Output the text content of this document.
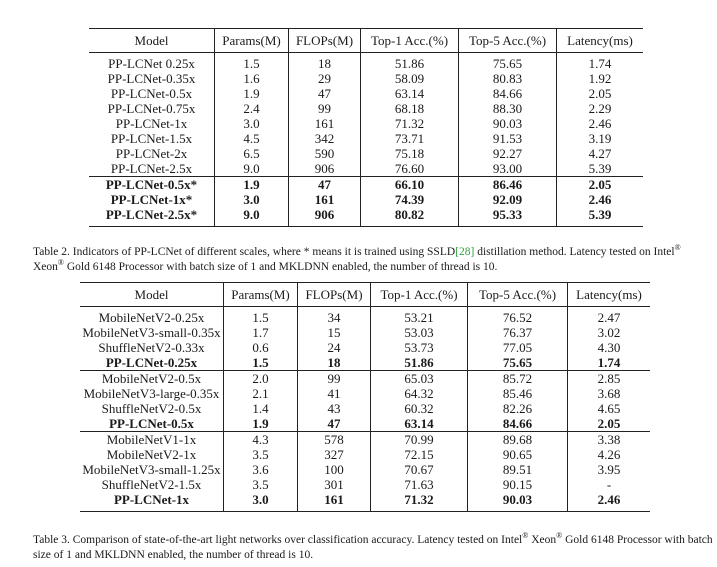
Model	Params(M)	FLOPs(M)	Top-1 Acc.(%)	Top-5 Acc.(%)	Latency(ms)
PP-LCNet 0.25x	1.5	18	51.86	75.65	1.74
PP-LCNet-0.35x	1.6	29	58.09	80.83	1.92
PP-LCNet-0.5x	1.9	47	63.14	84.66	2.05
PP-LCNet-0.75x	2.4	99	68.18	88.30	2.29
PP-LCNet-1x	3.0	161	71.32	90.03	2.46
PP-LCNet-1.5x	4.5	342	73.71	91.53	3.19
PP-LCNet-2x	6.5	590	75.18	92.27	4.27
PP-LCNet-2.5x	9.0	906	76.60	93.00	5.39
PP-LCNet-0.5x*	1.9	47	66.10	86.46	2.05
PP-LCNet-1x*	3.0	161	74.39	92.09	2.46
PP-LCNet-2.5x*	9.0	906	80.82	95.33	5.39
Table 2. Indicators of PP-LCNet of different scales, where * means it is trained using SSLD[28] distillation method. Latency tested on Intel® Xeon® Gold 6148 Processor with batch size of 1 and MKLDNN enabled, the number of thread is 10.
Model	Params(M)	FLOPs(M)	Top-1 Acc.(%)	Top-5 Acc.(%)	Latency(ms)
MobileNetV2-0.25x	1.5	34	53.21	76.52	2.47
MobileNetV3-small-0.35x	1.7	15	53.03	76.37	3.02
ShuffleNetV2-0.33x	0.6	24	53.73	77.05	4.30
PP-LCNet-0.25x	1.5	18	51.86	75.65	1.74
MobileNetV2-0.5x	2.0	99	65.03	85.72	2.85
MobileNetV3-large-0.35x	2.1	41	64.32	85.46	3.68
ShuffleNetV2-0.5x	1.4	43	60.32	82.26	4.65
PP-LCNet-0.5x	1.9	47	63.14	84.66	2.05
MobileNetV1-1x	4.3	578	70.99	89.68	3.38
MobileNetV2-1x	3.5	327	72.15	90.65	4.26
MobileNetV3-small-1.25x	3.6	100	70.67	89.51	3.95
ShuffleNetV2-1.5x	3.5	301	71.63	90.15	-
PP-LCNet-1x	3.0	161	71.32	90.03	2.46
Table 3. Comparison of state-of-the-art light networks over classification accuracy. Latency tested on Intel® Xeon® Gold 6148 Processor with batch size of 1 and MKLDNN enabled, the number of thread is 10.
